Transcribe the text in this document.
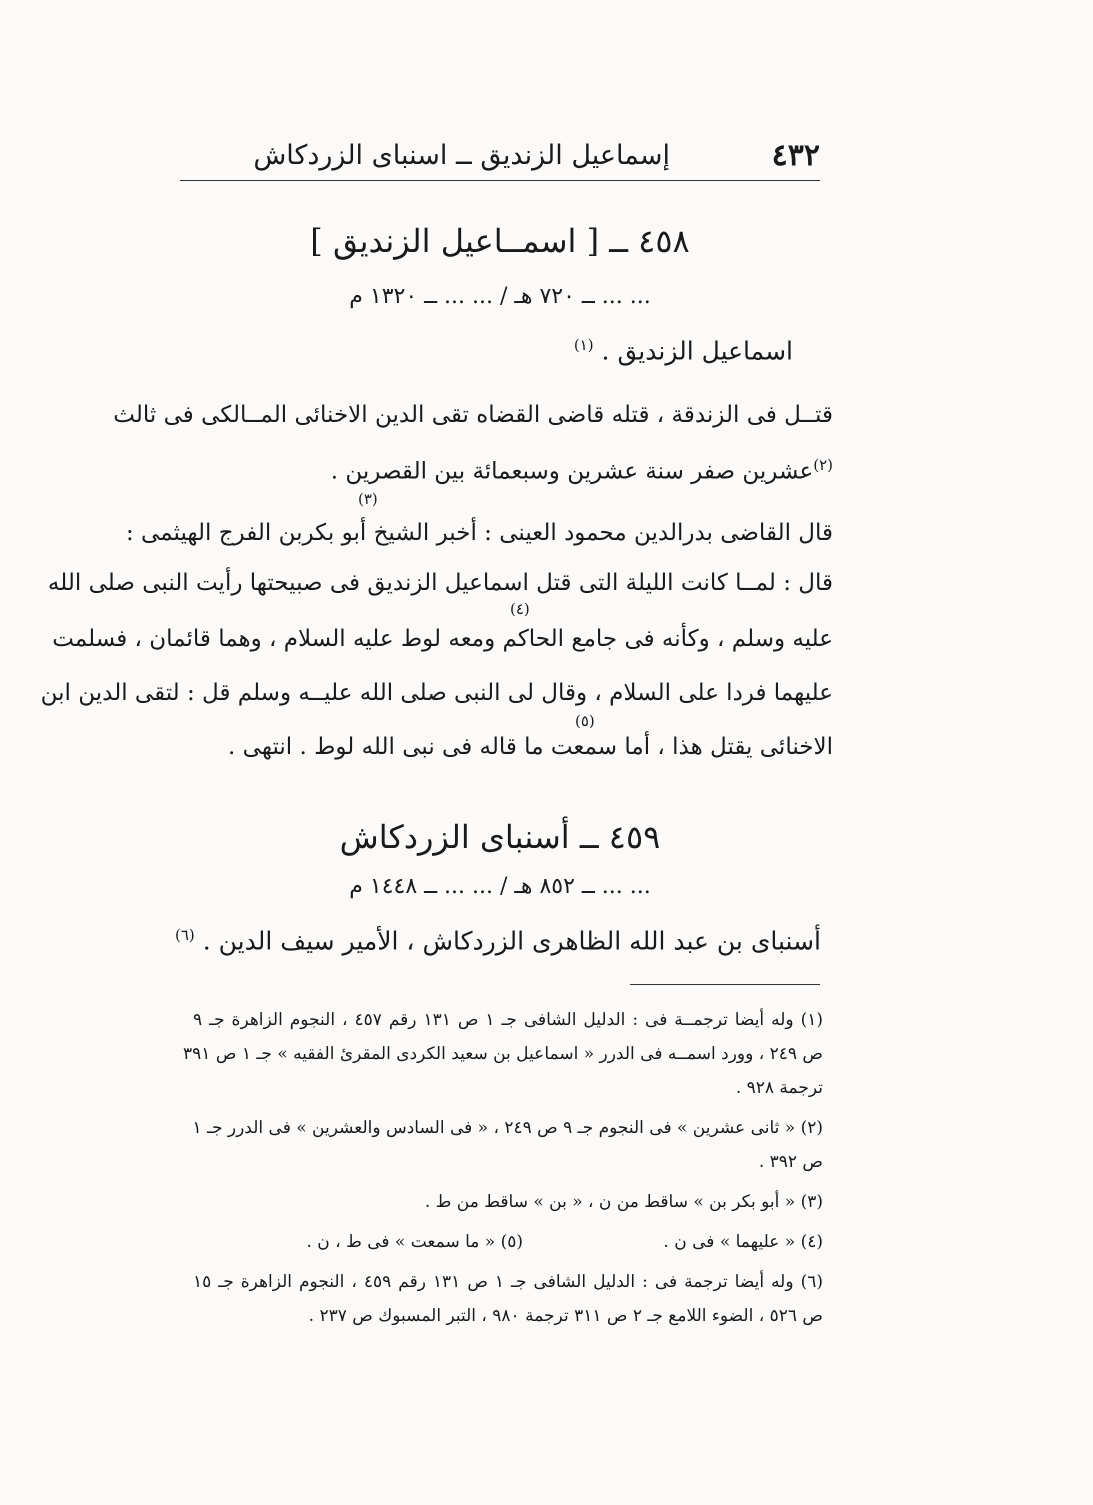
٤٣٢
إسماعيل الزنديق ــ اسنباى الزردكاش
٤٥٨ ــ [ اسمــاعيل الزنديق ]
... ... ــ ٧٢٠ هـ / ... ... ــ ١٣٢٠ م
اسماعيل الزنديق . $^{(١)}$
قتــل فى الزندقة ، قتله قاضى القضاه تقى الدين الاخنائى المــالكى فى ثالث
$^{(٢)}$عشرين صفر سنة عشرين وسبعمائة بين القصرين .
قال القاضى بدرالدين محمود العينى : أخبر الشيخ أبو بكربن الفرج الهيثمى :
(٣)
قال : لمــا كانت الليلة التى قتل اسماعيل الزنديق فى صبيحتها رأيت النبى صلى الله
عليه وسلم ، وكأنه فى جامع الحاكم ومعه لوط عليه السلام ، وهما قائمان ، فسلمت
(٤)
عليهما فردا على السلام ، وقال لى النبى صلى الله عليــه وسلم قل : لتقى الدين ابن
الاخنائى يقتل هذا ، أما سمعت ما قاله فى نبى الله لوط . انتهى .
(٥)
٤٥٩ ــ أسنباى الزردكاش
... ... ــ ٨٥٢ هـ / ... ... ــ ١٤٤٨ م
أسنباى بن عبد الله الظاهرى الزردكاش ، الأمير سيف الدين . $^{(٦)}$
(١) وله أيضا ترجمــة فى : الدليل الشافى جـ ١ ص ١٣١ رقم ٤٥٧ ، النجوم الزاهرة جـ ٩
ص ٢٤٩ ، وورد اسمــه فى الدرر « اسماعيل بن سعيد الكردى المقرئ الفقيه » جـ ١ ص ٣٩١
ترجمة ٩٢٨ .
(٢) « ثانى عشرين » فى النجوم جـ ٩ ص ٢٤٩ ، « فى السادس والعشرين » فى الدرر جـ ١
ص ٣٩٢ .
(٣) « أبو بكر بن » ساقط من ن ، « بن » ساقط من ط .
(٤) « عليهما » فى ن .
(٥) « ما سمعت » فى ط ، ن .
(٦) وله أيضا ترجمة فى : الدليل الشافى جـ ١ ص ١٣١ رقم ٤٥٩ ، النجوم الزاهرة جـ ١٥
ص ٥٢٦ ، الضوء اللامع جـ ٢ ص ٣١١ ترجمة ٩٨٠ ، التبر المسبوك ص ٢٣٧ .
